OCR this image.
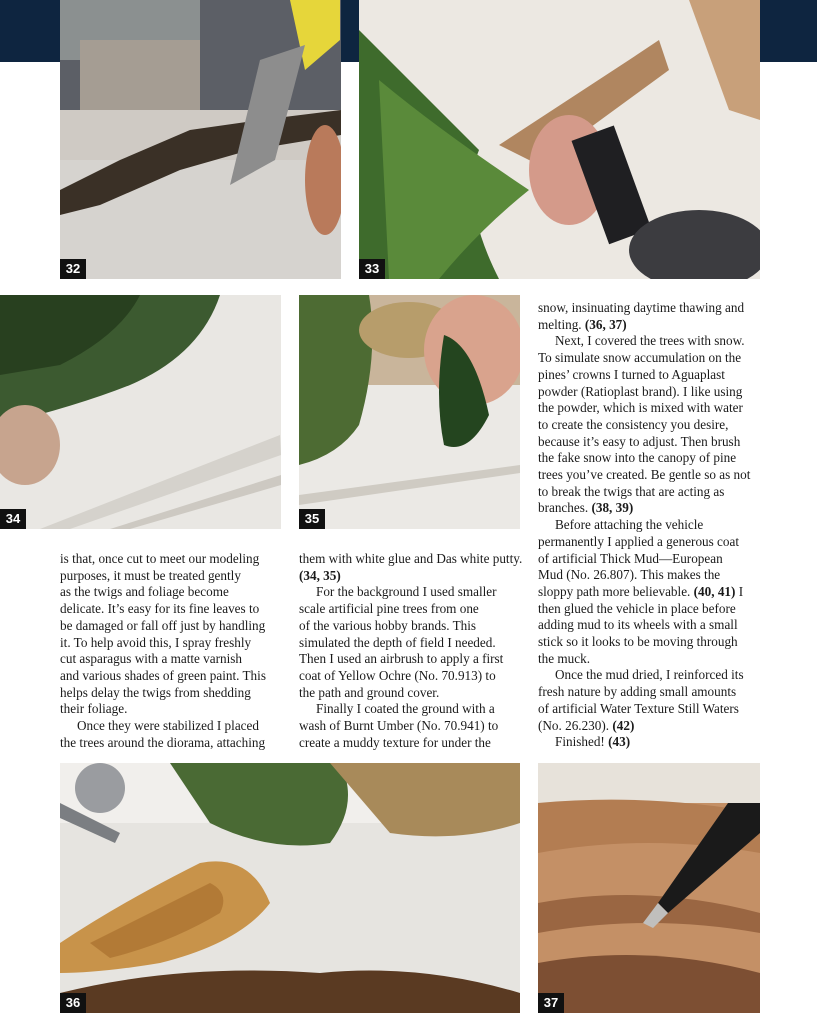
32	33
34	35
36	37

is that, once cut to meet our modeling
purposes, it must be treated gently
as the twigs and foliage become
delicate. It’s easy for its fine leaves to
be damaged or fall off just by handling
it. To help avoid this, I spray freshly
cut asparagus with a matte varnish
and various shades of green paint. This
helps delay the twigs from shedding
their foliage.

Once they were stabilized I placed
the trees around the diorama, attaching

them with white glue and Das white putty. (34, 35)

For the background I used smaller
scale artificial pine trees from one
of the various hobby brands. This
simulated the depth of field I needed.
Then I used an airbrush to apply a first
coat of Yellow Ochre (No. 70.913) to
the path and ground cover.

Finally I coated the ground with a
wash of Burnt Umber (No. 70.941) to
create a muddy texture for under the

snow, insinuating daytime thawing and
melting. (36, 37)

Next, I covered the trees with snow.
To simulate snow accumulation on the
pines’ crowns I turned to Aguaplast
powder (Ratioplast brand). I like using
the powder, which is mixed with water
to create the consistency you desire,
because it’s easy to adjust. Then brush
the fake snow into the canopy of pine
trees you’ve created. Be gentle so as not
to break the twigs that are acting as
branches. (38, 39)

Before attaching the vehicle
permanently I applied a generous coat
of artificial Thick Mud—European
Mud (No. 26.807). This makes the
sloppy path more believable. (40, 41) I
then glued the vehicle in place before
adding mud to its wheels with a small
stick so it looks to be moving through
the muck.

Once the mud dried, I reinforced its
fresh nature by adding small amounts
of artificial Water Texture Still Waters
(No. 26.230). (42)

Finished! (43)
